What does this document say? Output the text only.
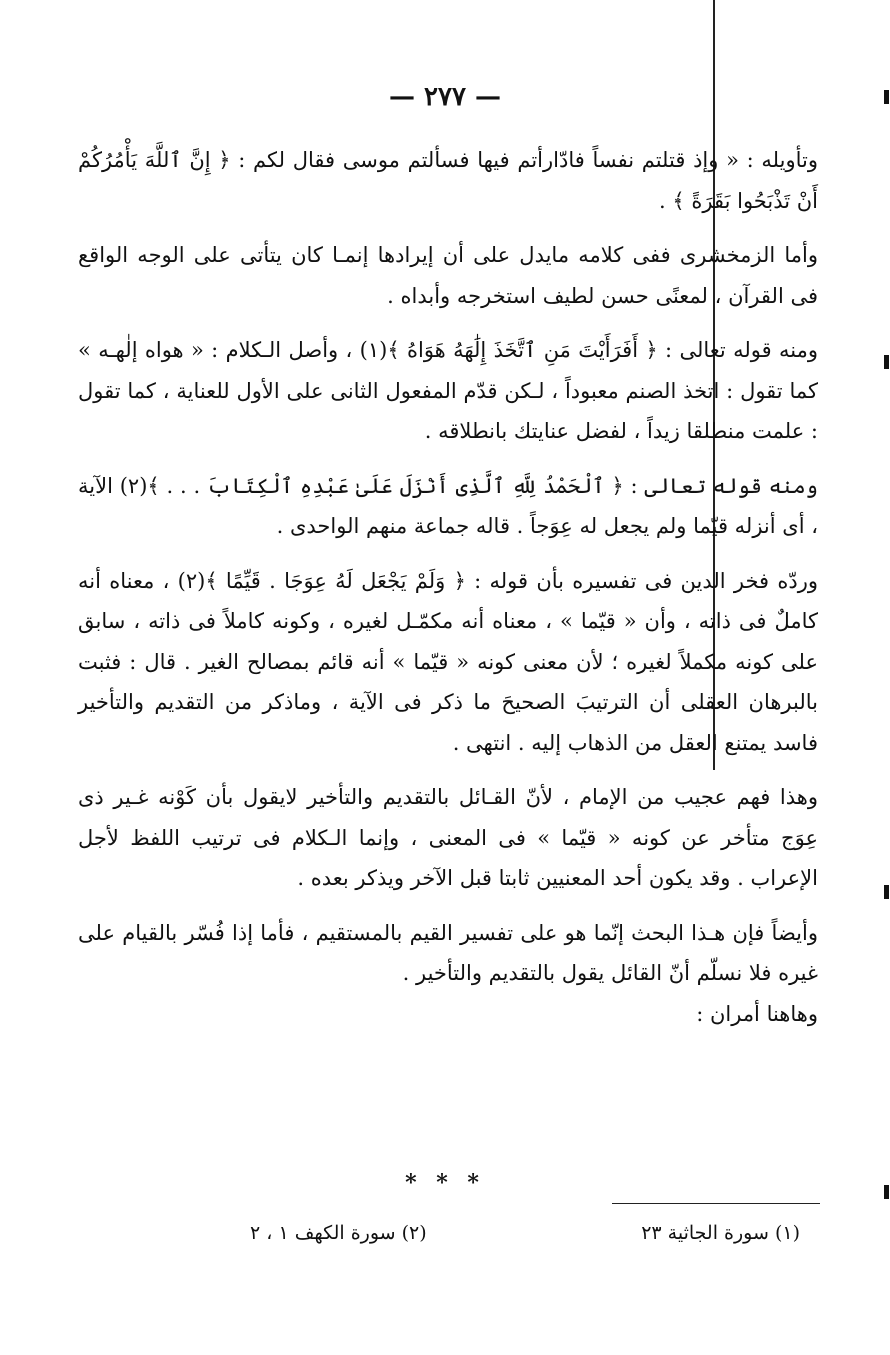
— ٢٧٧ —

وتأويله : « وإذ قتلتم نفساً فادّارأتم فيها فسألتم موسى فقال لكم : ﴿ إِنَّ ٱللَّهَ يَأْمُرُكُمْ أَنْ تَذْبَحُوا بَقَرَةً ﴾ .

وأما الزمخشرى ففى كلامه مايدل على أن إيرادها إنمـا كان يتأتى على الوجه الواقع فى القرآن ، لمعنًى حسن لطيف استخرجه وأبداه .

ومنه قوله تعالى : ﴿ أَفَرَأَيْتَ مَنِ ٱتَّخَذَ إِلَٰهَهُ هَوَاهُ ﴾(١) ، وأصل الـكلام : « هواه إلٰهـه » كما تقول : اتخذ الصنم معبوداً ، لـكن قدّم المفعول الثانى على الأول للعناية ، كما تقول : علمت منطلقا زيداً ، لفضل عنايتك بانطلاقه .

ومنه قوله تعالى : ﴿ ٱلْحَمْدُ لِلَّهِ ٱلَّذِى أَنْزَلَ عَلَىٰ عَبْدِهِ ٱلْكِتَابَ . . . ﴾(٢) الآية ، أى أنزله قيّما ولم يجعل له عِوَجاً . قاله جماعة منهم الواحدى .

وردّه فخر الدين فى تفسيره بأن قوله : ﴿ وَلَمْ يَجْعَل لَهُ عِوَجَا . قَيِّمًا ﴾(٢) ، معناه أنه كاملٌ فى ذاته ، وأن « قيّما » ، معناه أنه مكمّـل لغيره ، وكونه كاملاً فى ذاته ، سابق على كونه مكملاً لغيره ؛ لأن معنى كونه « قيّما » أنه قائم بمصالح الغير . قال : فثبت بالبرهان العقلى أن الترتيبَ الصحيحَ ما ذكر فى الآية ، وماذكر من التقديم والتأخير فاسد يمتنع العقل من الذهاب إليه . انتهى .

وهذا فهم عجيب من الإمام ، لأنّ القـائل بالتقديم والتأخير لايقول بأن كَوْنه غـير ذى عِوَج متأخر عن كونه « قيّما » فى المعنى ، وإنما الـكلام فى ترتيب اللفظ لأجل الإعراب . وقد يكون أحد المعنيين ثابتا قبل الآخر ويذكر بعده .

وأيضاً فإن هـذا البحث إنّما هو على تفسير القيم بالمستقيم ، فأما إذا فُسّر بالقيام على غيره فلا نسلّم أنّ القائل يقول بالتقديم والتأخير .

وهاهنا أمران :

* * *
(١) سورة الجاثية ٢٣
(٢) سورة الكهف ١ ، ٢
